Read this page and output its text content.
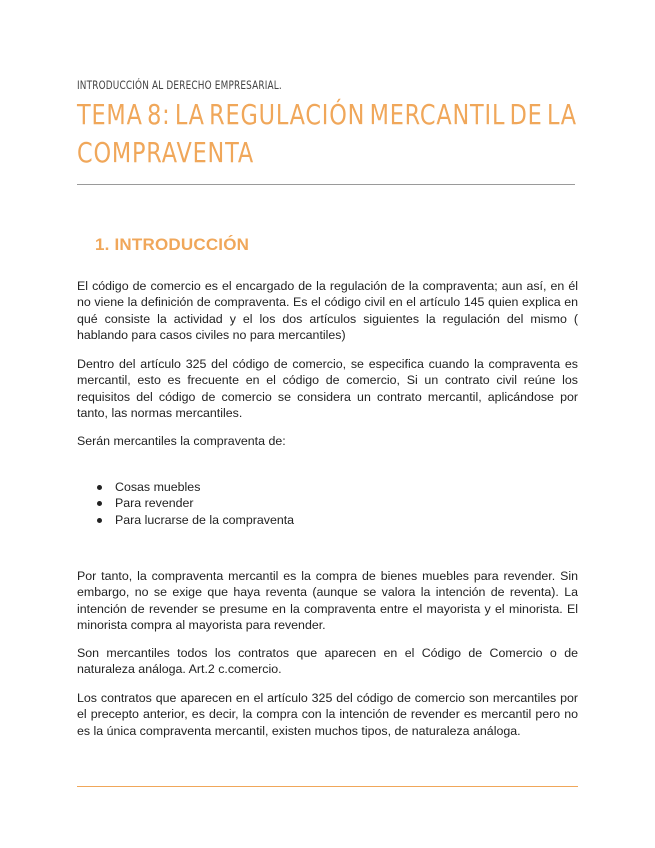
INTRODUCCIÓN AL DERECHO EMPRESARIAL.
TEMA 8: LA REGULACIÓN MERCANTIL DE LA
COMPRAVENTA
1. INTRODUCCIÓN

El código de comercio es el encargado de la regulación de la compraventa; aun así, en él no viene la definición de compraventa. Es el código civil en el artículo 145 quien explica en qué consiste la actividad y el los dos artículos siguientes la regulación del mismo ( hablando para casos civiles no para mercantiles)

Dentro del artículo 325 del código de comercio, se especifica cuando la compraventa es mercantil, esto es frecuente en el código de comercio, Si un contrato civil reúne los requisitos del código de comercio se considera un contrato mercantil, aplicándose por tanto, las normas mercantiles.

Serán mercantiles la compraventa de:

Cosas muebles
Para revender
Para lucrarse de la compraventa

Por tanto, la compraventa mercantil es la compra de bienes muebles para revender. Sin embargo, no se exige que haya reventa (aunque se valora la intención de reventa). La intención de revender se presume en la compraventa entre el mayorista y el minorista. El minorista compra al mayorista para revender.

Son mercantiles todos los contratos que aparecen en el Código de Comercio o de naturaleza análoga. Art.2 c.comercio.

Los contratos que aparecen en el artículo 325 del código de comercio son mercantiles por el precepto anterior, es decir, la compra con la intención de revender es mercantil pero no es la única compraventa mercantil, existen muchos tipos, de naturaleza análoga.
